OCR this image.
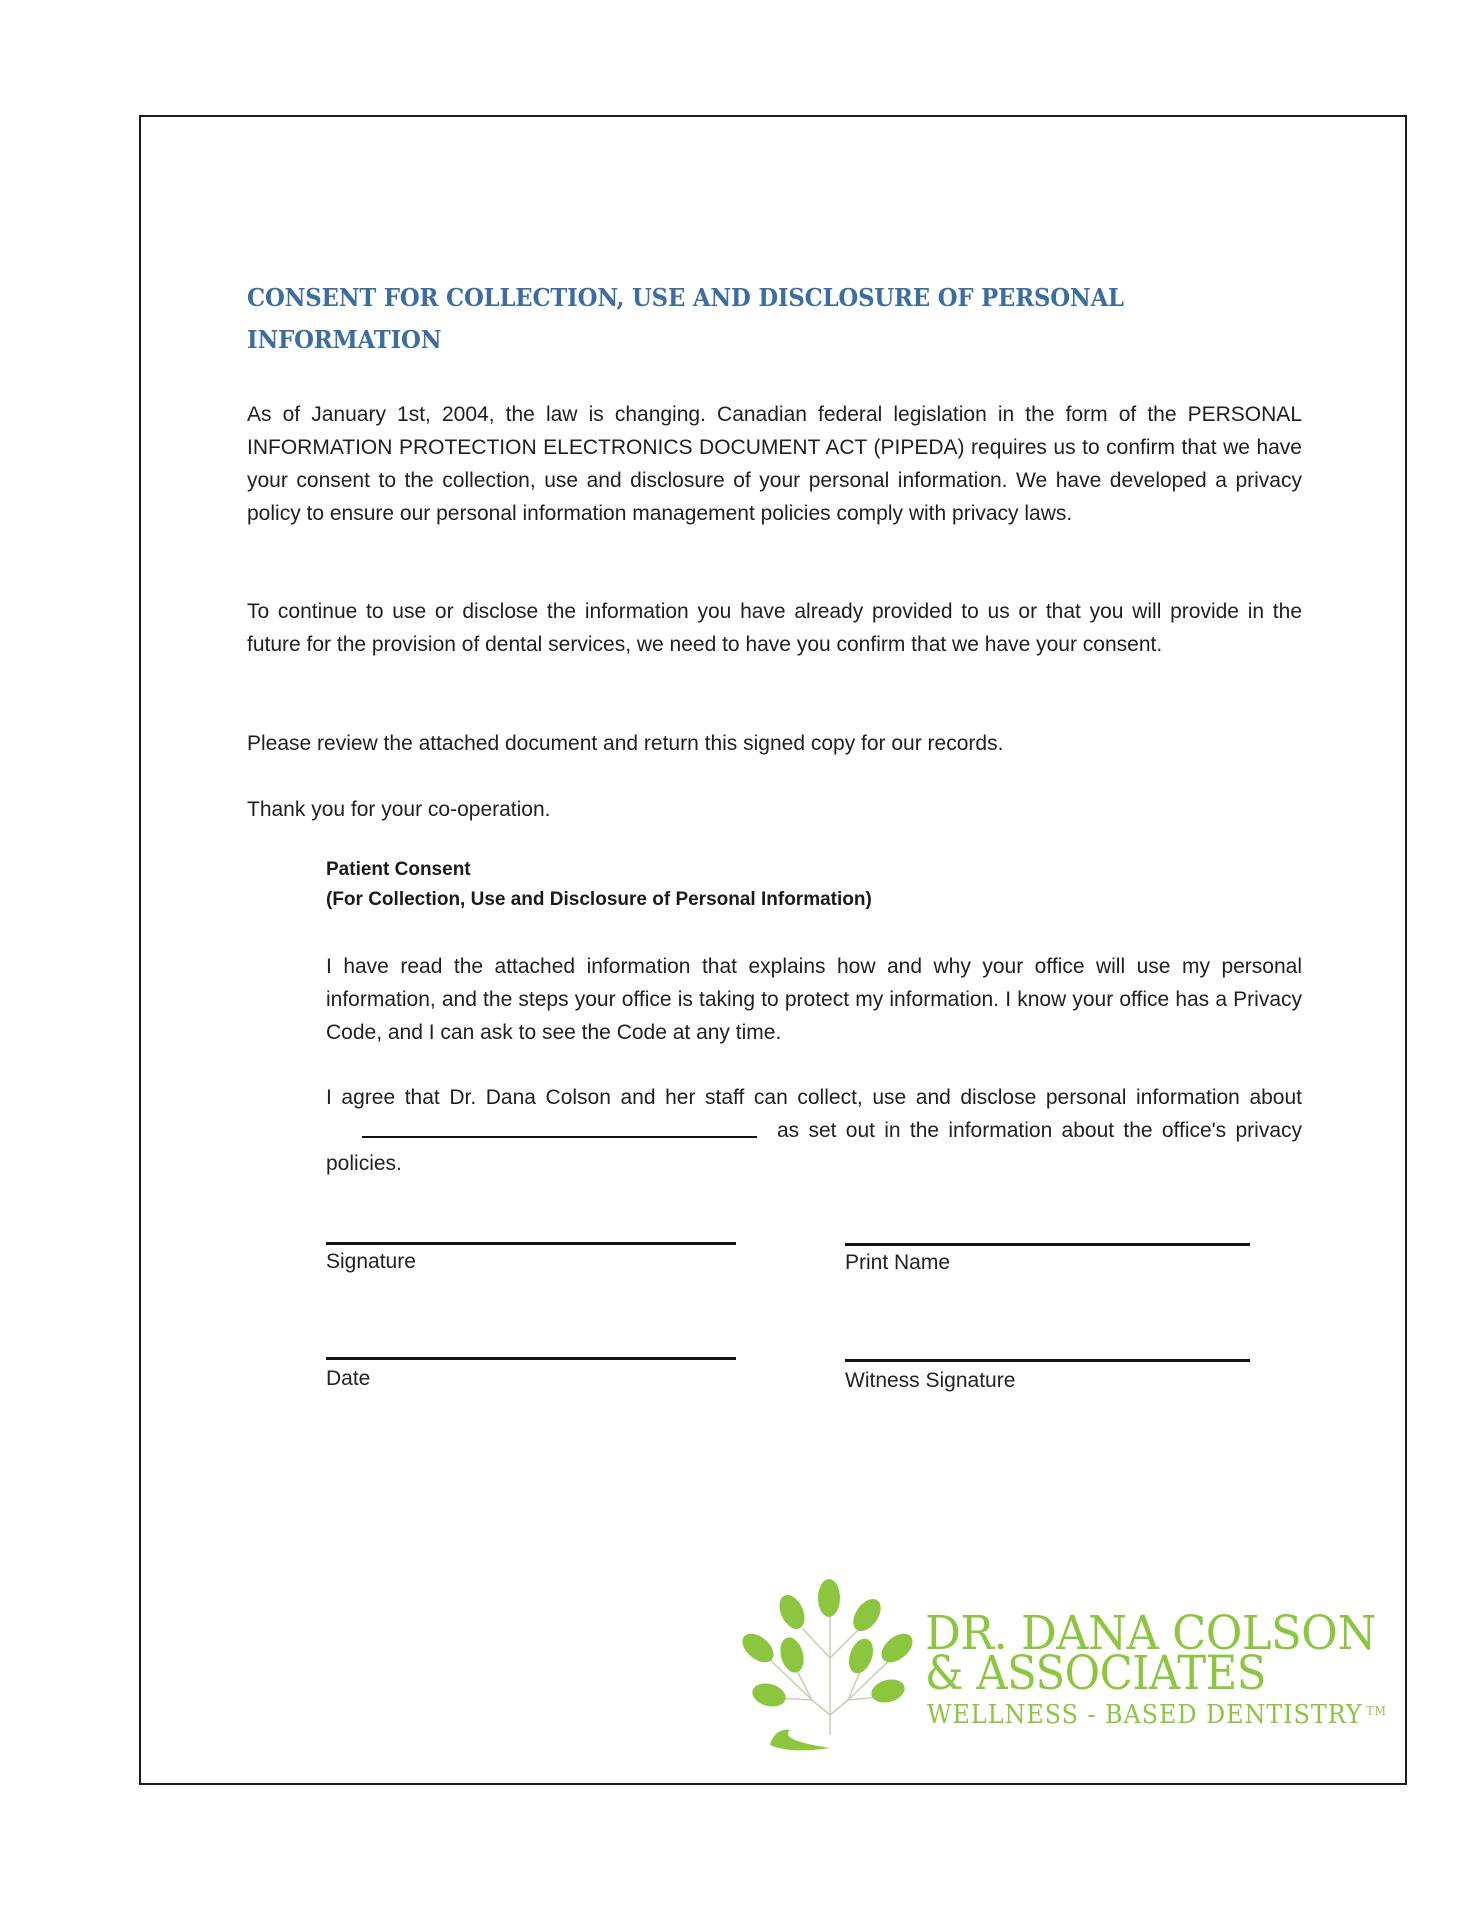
CONSENT FOR COLLECTION, USE AND DISCLOSURE OF PERSONAL INFORMATION

As of January 1st, 2004, the law is changing. Canadian federal legislation in the form of the PERSONAL INFORMATION PROTECTION ELECTRONICS DOCUMENT ACT (PIPEDA) requires us to confirm that we have your consent to the collection, use and disclosure of your personal information. We have developed a privacy policy to ensure our personal information management policies comply with privacy laws.

To continue to use or disclose the information you have already provided to us or that you will provide in the future for the provision of dental services, we need to have you confirm that we have your consent.

Please review the attached document and return this signed copy for our records.

Thank you for your co-operation.

Patient Consent

(For Collection, Use and Disclosure of Personal Information)

I have read the attached information that explains how and why your office will use my personal information, and the steps your office is taking to protect my information. I know your office has a Privacy Code, and I can ask to see the Code at any time.

I agree that Dr. Dana Colson and her staff can collect, use and disclose personal information aboutas set out in the information about the office's privacy policies.

Signature	Print Name

Date	Witness Signature

DR. DANA COLSON

& ASSOCIATES

WELLNESS - BASED DENTISTRY ™
